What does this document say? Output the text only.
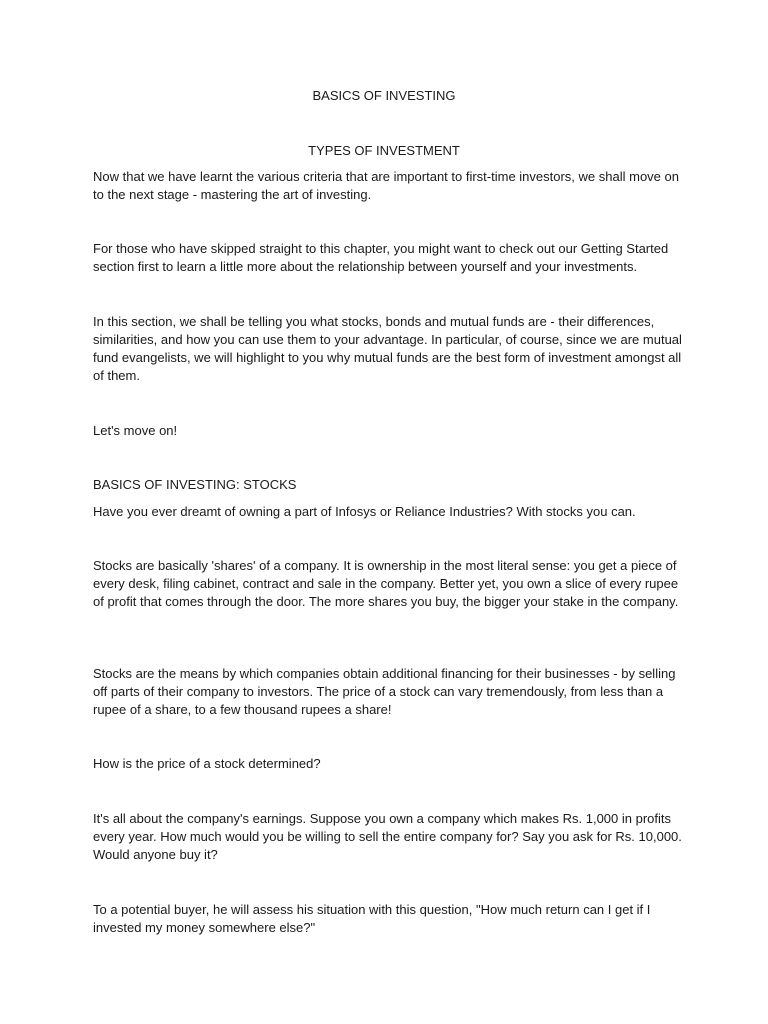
BASICS OF INVESTING

TYPES OF INVESTMENT

Now that we have learnt the various criteria that are important to first-time investors, we shall move on to the next stage - mastering the art of investing.

For those who have skipped straight to this chapter, you might want to check out our Getting Started section first to learn a little more about the relationship between yourself and your investments.

In this section, we shall be telling you what stocks, bonds and mutual funds are - their differences, similarities, and how you can use them to your advantage. In particular, of course, since we are mutual fund evangelists, we will highlight to you why mutual funds are the best form of investment amongst all of them.

Let's move on!

BASICS OF INVESTING: STOCKS

Have you ever dreamt of owning a part of Infosys or Reliance Industries? With stocks you can.

Stocks are basically 'shares' of a company. It is ownership in the most literal sense: you get a piece of every desk, filing cabinet, contract and sale in the company. Better yet, you own a slice of every rupee of profit that comes through the door. The more shares you buy, the bigger your stake in the company.

Stocks are the means by which companies obtain additional financing for their businesses - by selling off parts of their company to investors. The price of a stock can vary tremendously, from less than a rupee of a share, to a few thousand rupees a share!

How is the price of a stock determined?

It's all about the company's earnings. Suppose you own a company which makes Rs. 1,000 in profits every year. How much would you be willing to sell the entire company for? Say you ask for Rs. 10,000. Would anyone buy it?

To a potential buyer, he will assess his situation with this question, "How much return can I get if I invested my money somewhere else?"
